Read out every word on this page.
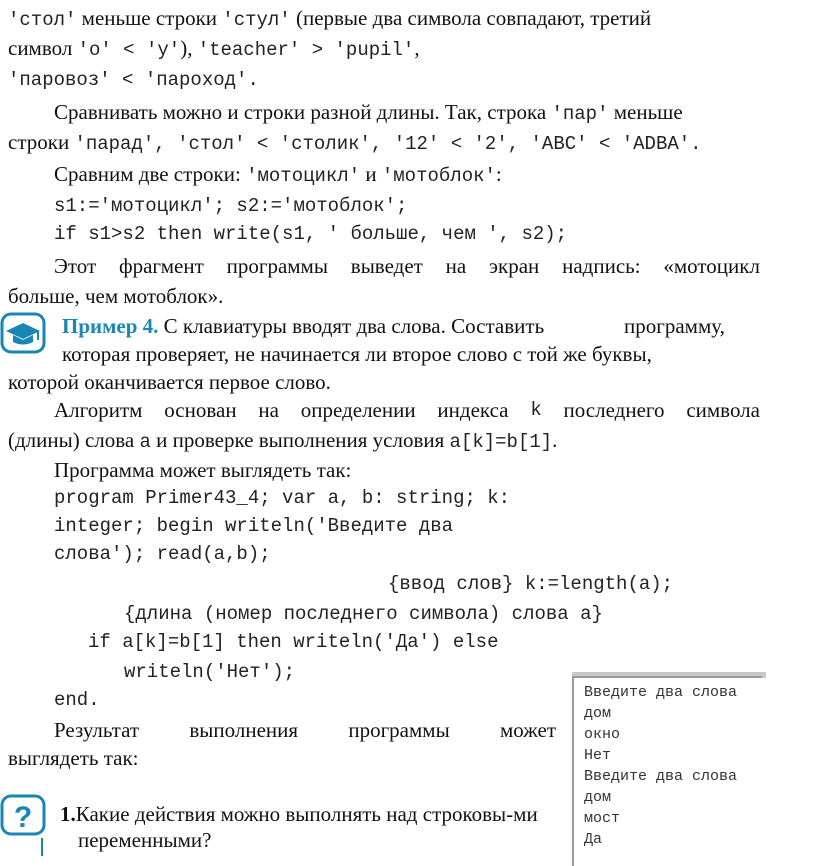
'стол' меньше строки 'стул' (первые два символа совпадают, третий
символ 'о' < 'у'), 'teacher' > 'pupil',
'паровоз' < 'пароход'.
Сравнивать можно и строки разной длины. Так, строка 'пар' меньше
строки 'парад', 'стол' < 'столик', '12' < '2', 'ABC' < 'ADBA'.
Сравним две строки: 'мотоцикл' и 'мотоблок':
s1:='мотоцикл'; s2:='мотоблок';
if s1>s2 then write(s1, ' больше, чем ', s2);
Этот фрагмент программы выведет на экран надпись: «мотоцикл
больше, чем мотоблок».
Пример 4. С клавиатуры вводят два слова. Составить	программу,
которая проверяет, не начинается ли второе слово с той же буквы,
которой оканчивается первое слово.
Алгоритм основан на определении индекса k последнего символа
(длины) слова a и проверке выполнения условия a[k]=b[1].
Программа может выглядеть так:
program Primer43_4; var a, b: string; k:
integer; begin writeln('Введите два
слова'); read(a,b);
{ввод слов} k:=length(a);
{длина (номер последнего символа) слова a}
if a[k]=b[1] then writeln('Да') else
writeln('Нет');
end.
Результат выполнения программы может
выглядеть так:
? 1.Какие действия можно выполнять над строковы-ми
переменными?
Введите два слова
дом
окно
Нет
Введите два слова
дом
мост
Да
